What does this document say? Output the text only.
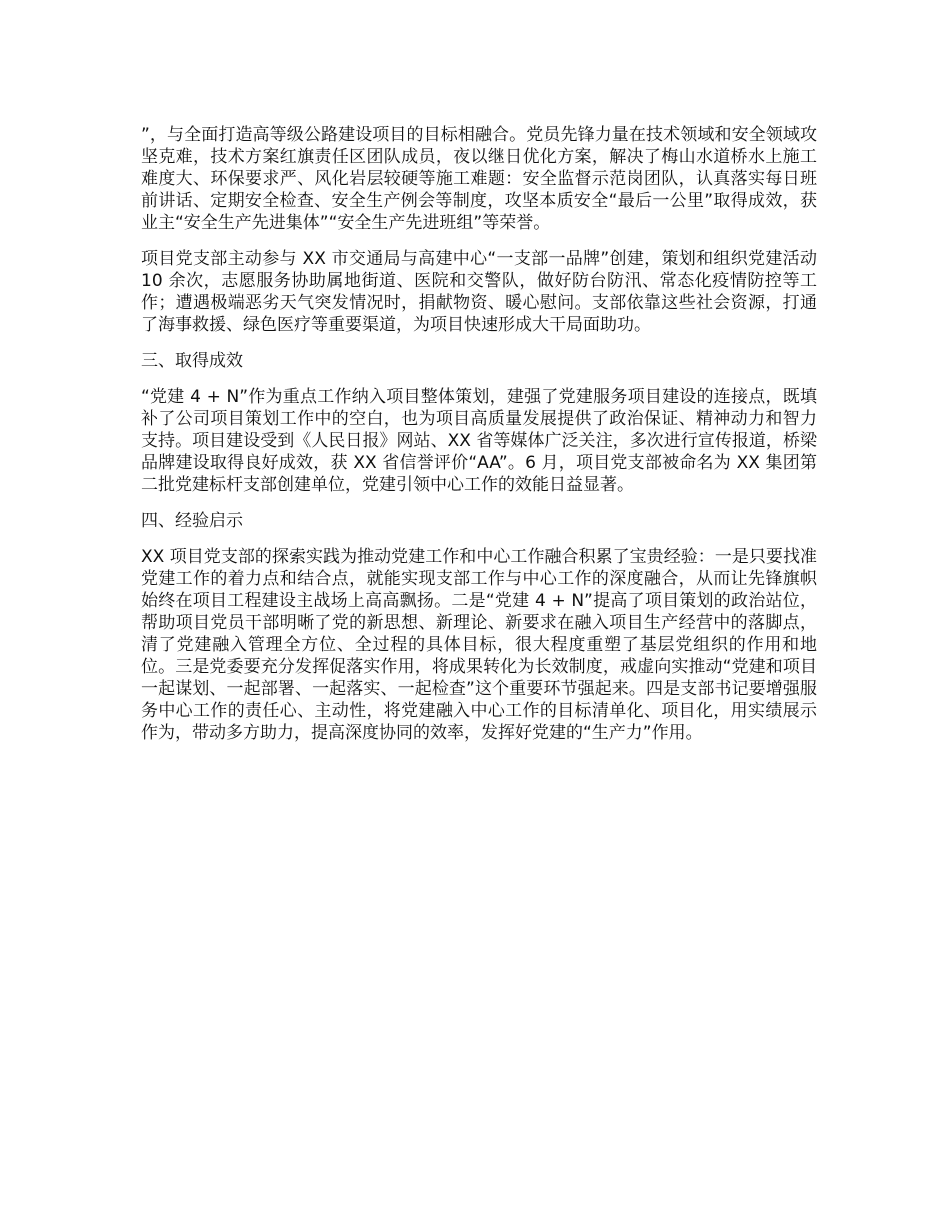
”，与全面打造高等级公路建设项目的目标相融合。党员先锋力量在技术领域和安全领域攻坚克难，技术方案红旗责任区团队成员，夜以继日优化方案，解决了梅山水道桥水上施工难度大、环保要求严、风化岩层较硬等施工难题：安全监督示范岗团队，认真落实每日班前讲话、定期安全检查、安全生产例会等制度，攻坚本质安全“最后一公里”取得成效，获业主“安全生产先进集体”“安全生产先进班组”等荣誉。

项目党支部主动参与 XX 市交通局与高建中心“一支部一品牌”创建，策划和组织党建活动 10 余次，志愿服务协助属地街道、医院和交警队，做好防台防汛、常态化疫情防控等工作；遭遇极端恶劣天气突发情况时，捐献物资、暖心慰问。支部依靠这些社会资源，打通了海事救援、绿色医疗等重要渠道，为项目快速形成大干局面助功。

三、取得成效

“党建 4 + N”作为重点工作纳入项目整体策划，建强了党建服务项目建设的连接点，既填补了公司项目策划工作中的空白，也为项目高质量发展提供了政治保证、精神动力和智力支持。项目建设受到《人民日报》网站、XX 省等媒体广泛关注，多次进行宣传报道，桥梁品牌建设取得良好成效，获 XX 省信誉评价“AA”。6 月，项目党支部被命名为 XX 集团第二批党建标杆支部创建单位，党建引领中心工作的效能日益显著。

四、经验启示

XX 项目党支部的探索实践为推动党建工作和中心工作融合积累了宝贵经验：一是只要找准党建工作的着力点和结合点，就能实现支部工作与中心工作的深度融合，从而让先锋旗帜始终在项目工程建设主战场上高高飘扬。二是“党建 4 + N”提高了项目策划的政治站位，帮助项目党员干部明晰了党的新思想、新理论、新要求在融入项目生产经营中的落脚点，清了党建融入管理全方位、全过程的具体目标，很大程度重塑了基层党组织的作用和地位。三是党委要充分发挥促落实作用，将成果转化为长效制度，戒虚向实推动“党建和项目一起谋划、一起部署、一起落实、一起检查”这个重要环节强起来。四是支部书记要增强服务中心工作的责任心、主动性，将党建融入中心工作的目标清单化、项目化，用实绩展示作为，带动多方助力，提高深度协同的效率，发挥好党建的“生产力”作用。
